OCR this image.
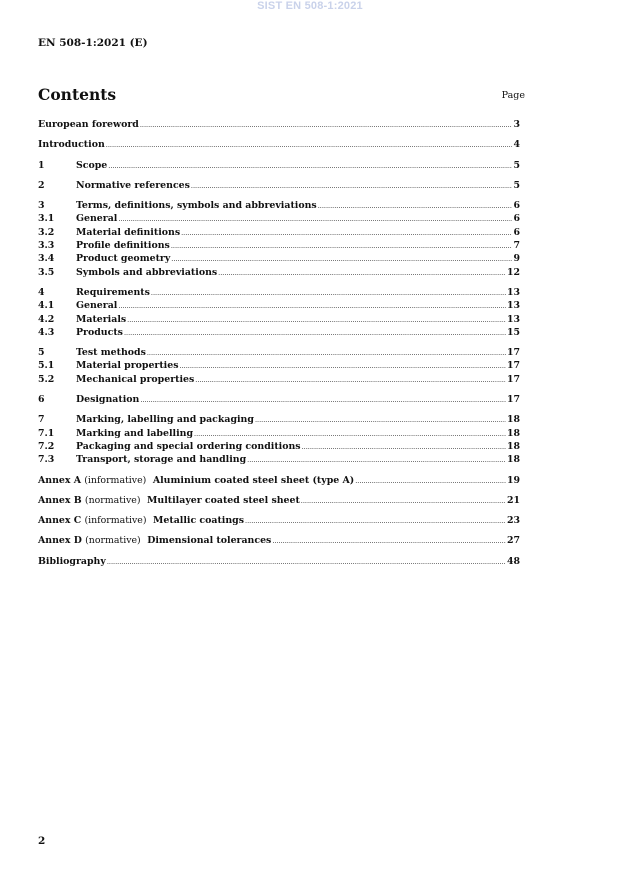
SIST EN 508-1:2021
EN 508-1:2021 (E)
Contents	Page
European foreword .....	3
Introduction .....	4
1	Scope .....	5
2	Normative references .....	5
3	Terms, definitions, symbols and abbreviations .....	6
3.1	General .....	6
3.2	Material definitions .....	6
3.3	Profile definitions .....	7
3.4	Product geometry .....	9
3.5	Symbols and abbreviations .....	12
4	Requirements .....	13
4.1	General .....	13
4.2	Materials .....	13
4.3	Products .....	15
5	Test methods .....	17
5.1	Material properties .....	17
5.2	Mechanical properties .....	17
6	Designation .....	17
7	Marking, labelling and packaging .....	18
7.1	Marking and labelling .....	18
7.2	Packaging and special ordering conditions .....	18
7.3	Transport, storage and handling .....	18
Annex A (informative) Aluminium coated steel sheet (type A) .....	19
Annex B (normative) Multilayer coated steel sheet .....	21
Annex C (informative) Metallic coatings .....	23
Annex D (normative) Dimensional tolerances .....	27
Bibliography .....	48
2
